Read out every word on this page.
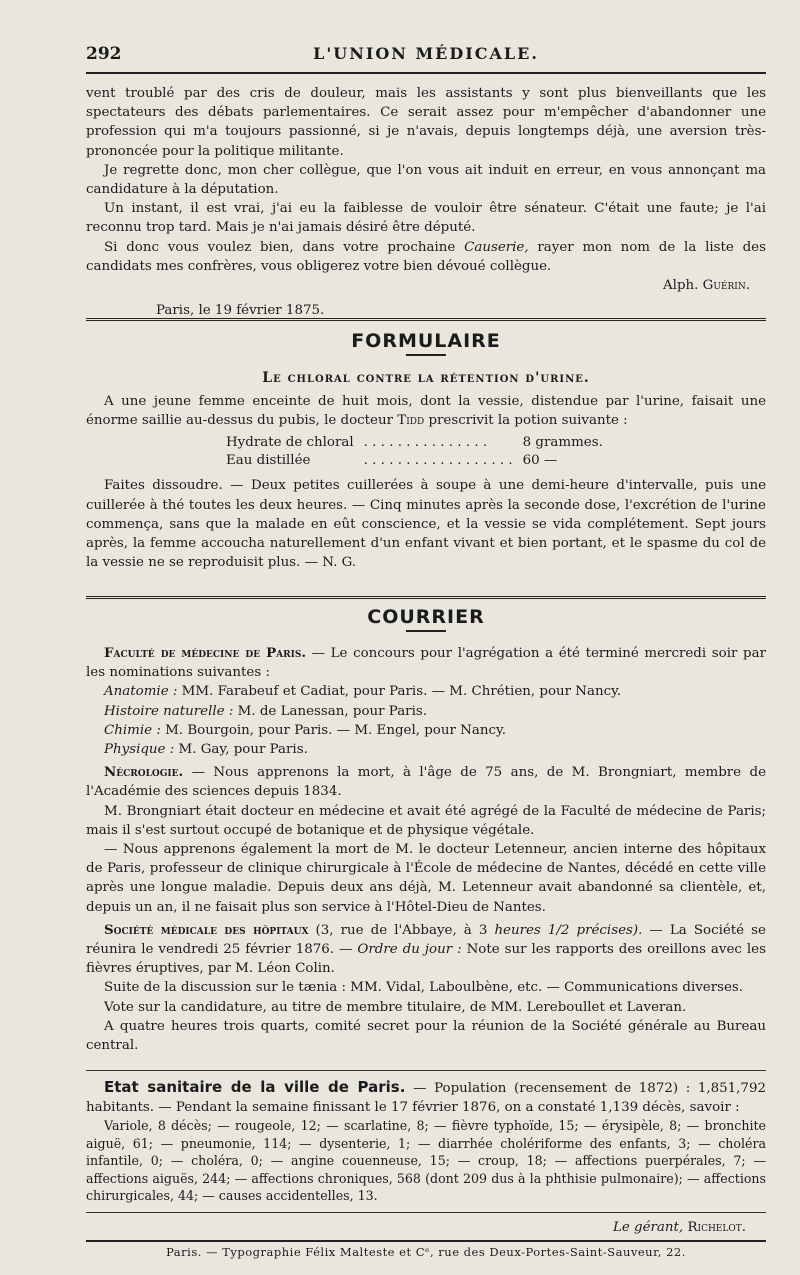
292	L'UNION MÉDICALE.

vent troublé par des cris de douleur, mais les assistants y sont plus bienveillants que les spectateurs des débats parlementaires. Ce serait assez pour m'empêcher d'abandonner une profession qui m'a toujours passionné, si je n'avais, depuis longtemps déjà, une aversion très-prononcée pour la politique militante.

Je regrette donc, mon cher collègue, que l'on vous ait induit en erreur, en vous annonçant ma candidature à la députation.

Un instant, il est vrai, j'ai eu la faiblesse de vouloir être sénateur. C'était une faute; je l'ai reconnu trop tard. Mais je n'ai jamais désiré être député.

Si donc vous voulez bien, dans votre prochaine Causerie, rayer mon nom de la liste des candidats mes confrères, vous obligerez votre bien dévoué collègue.

Alph. Guérin.

Paris, le 19 février 1875.

FORMULAIRE
Le chloral contre la rétention d'urine.

A une jeune femme enceinte de huit mois, dont la vessie, distendue par l'urine, faisait une énorme saillie au-dessus du pubis, le docteur Tidd prescrivit la potion suivante :

Hydrate de chloral	. . . . . . . . . . . . . . .	8 grammes.
Eau distillée	. . . . . . . . . . . . . . . . . .	60 —

Faites dissoudre. — Deux petites cuillerées à soupe à une demi-heure d'intervalle, puis une cuillerée à thé toutes les deux heures. — Cinq minutes après la seconde dose, l'excrétion de l'urine commença, sans que la malade en eût conscience, et la vessie se vida complétement. Sept jours après, la femme accoucha naturellement d'un enfant vivant et bien portant, et le spasme du col de la vessie ne se reproduisit plus. — N. G.

COURRIER

Faculté de médecine de Paris. — Le concours pour l'agrégation a été terminé mercredi soir par les nominations suivantes :

Anatomie : MM. Farabeuf et Cadiat, pour Paris. — M. Chrétien, pour Nancy.

Histoire naturelle : M. de Lanessan, pour Paris.

Chimie : M. Bourgoin, pour Paris. — M. Engel, pour Nancy.

Physique : M. Gay, pour Paris.

Nécrologie. — Nous apprenons la mort, à l'âge de 75 ans, de M. Brongniart, membre de l'Académie des sciences depuis 1834.

M. Brongniart était docteur en médecine et avait été agrégé de la Faculté de médecine de Paris; mais il s'est surtout occupé de botanique et de physique végétale.

— Nous apprenons également la mort de M. le docteur Letenneur, ancien interne des hôpitaux de Paris, professeur de clinique chirurgicale à l'École de médecine de Nantes, décédé en cette ville après une longue maladie. Depuis deux ans déjà, M. Letenneur avait abandonné sa clientèle, et, depuis un an, il ne faisait plus son service à l'Hôtel-Dieu de Nantes.

Société médicale des hôpitaux (3, rue de l'Abbaye, à 3 heures 1/2 précises). — La Société se réunira le vendredi 25 février 1876. — Ordre du jour : Note sur les rapports des oreillons avec les fièvres éruptives, par M. Léon Colin.

Suite de la discussion sur le tænia : MM. Vidal, Laboulbène, etc. — Communications diverses.

Vote sur la candidature, au titre de membre titulaire, de MM. Lereboullet et Laveran.

A quatre heures trois quarts, comité secret pour la réunion de la Société générale au Bureau central.

Etat sanitaire de la ville de Paris. — Population (recensement de 1872) : 1,851,792 habitants. — Pendant la semaine finissant le 17 février 1876, on a constaté 1,139 décès, savoir :

Variole, 8 décès; — rougeole, 12; — scarlatine, 8; — fièvre typhoïde, 15; — érysipèle, 8; — bronchite aiguë, 61; — pneumonie, 114; — dysenterie, 1; — diarrhée cholériforme des enfants, 3; — choléra infantile, 0; — choléra, 0; — angine couenneuse, 15; — croup, 18; — affections puerpérales, 7; — affections aiguës, 244; — affections chroniques, 568 (dont 209 dus à la phthisie pulmonaire); — affections chirurgicales, 44; — causes accidentelles, 13.

Le gérant, Richelot.

Paris. — Typographie Félix Malteste et Cᵉ, rue des Deux-Portes-Saint-Sauveur, 22.
